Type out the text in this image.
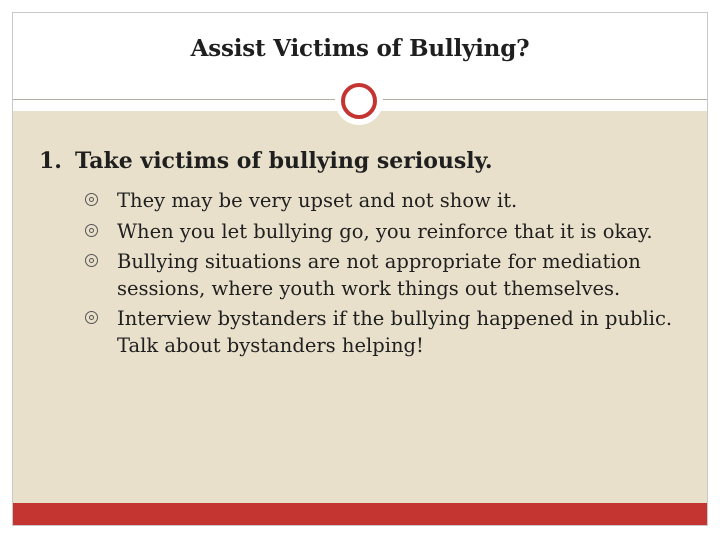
Assist Victims of Bullying?
1. Take victims of bullying seriously.
They may be very upset and not show it.
When you let bullying go, you reinforce that it is okay.
Bullying situations are not appropriate for mediation sessions, where youth work things out themselves.
Interview bystanders if the bullying happened in public. Talk about bystanders helping!
